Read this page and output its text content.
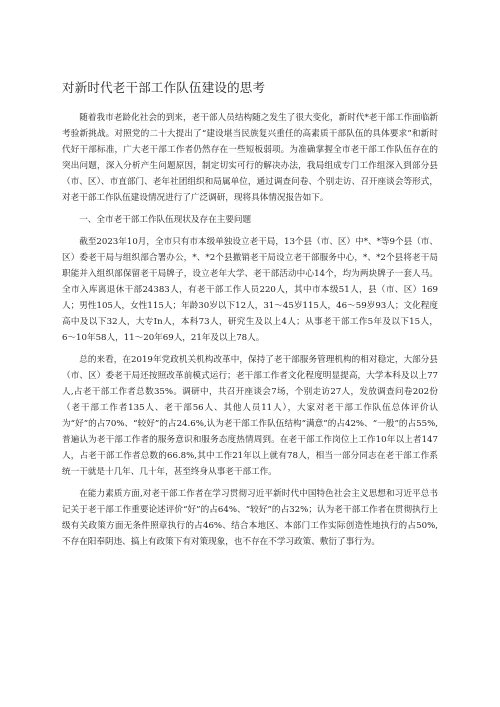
对新时代老干部工作队伍建设的思考

随着我市老龄化社会的到来，老干部人员结构随之发生了很大变化，新时代*老干部工作面临新考验新挑战。对照党的二十大提出了“建设堪当民族复兴重任的高素质干部队伍的具体要求”和新时代好干部标准，广大老干部工作者仍然存在一些短板弱项。为准确掌握全市老干部工作队伍存在的突出问题，深入分析产生问题原因，制定切实可行的解决办法，我局组成专门工作组深入到部分县（市、区）、市直部门、老年社团组织和局属单位，通过调查问卷、个别走访、召开座谈会等形式，对老干部工作队伍建设情况进行了广泛调研，现将具体情况报告如下。

一、全市老干部工作队伍现状及存在主要问题

截至2023年10月，全市只有市本级单独设立老干局，13个县（市、区）中*、*等9个县（市、区）委老干局与组织部合署办公，*、*2个县撤销老干局设立老干部服务中心，*、*2个县将老干局职能并入组织部保留老干局牌子，设立老年大学、老干部活动中心14个，均为两块牌子一套人马。全市入库离退休干部24383人，有老干部工作人员220人，其中市本级51人，县（市、区）169人；男性105人，女性115人；年龄30岁以下12人，31〜45岁115人，46〜59岁93人；文化程度高中及以下32人，大专In人，本科73人，研究生及以上4人；从事老干部工作5年及以下15人，6〜10年58人，11〜20年69人，21年及以上78人。

总的来看，在2019年党政机关机构改革中，保持了老干部服务管理机构的相对稳定，大部分县（市、区）委老干局还按照改革前模式运行；老干部工作者文化程度明显提高，大学本科及以上77人,占老干部工作者总数35%。调研中，共召开座谈会7场，个别走访27人，发放调查问卷202份（老干部工作者135人、老干部56人、其他人员11人），大家对老干部工作队伍总体评价认为“好”的占70%、“较好”的占24.6%,认为老干部工作队伍结构“满意”的占42%、“一般”的占55%,普遍认为老干部工作者的服务意识和服务态度热情周到。在老干部工作岗位上工作10年以上者147人，占老干部工作者总数的66.8%,其中工作21年以上就有78人，相当一部分同志在老干部工作系统一干就是十几年、几十年，甚至终身从事老干部工作。

在能力素质方面,对老干部工作者在学习贯彻习近平新时代中国特色社会主义思想和习近平总书记关于老干部工作重要论述评价“好”的占64%、“较好”的占32%；认为老干部工作者在贯彻执行上级有关政策方面无条件照章执行的占46%、结合本地区、本部门工作实际创造性地执行的占50%,不存在阳奉阴违、搞上有政策下有对策现象，也不存在不学习政策、敷衍了事行为。
